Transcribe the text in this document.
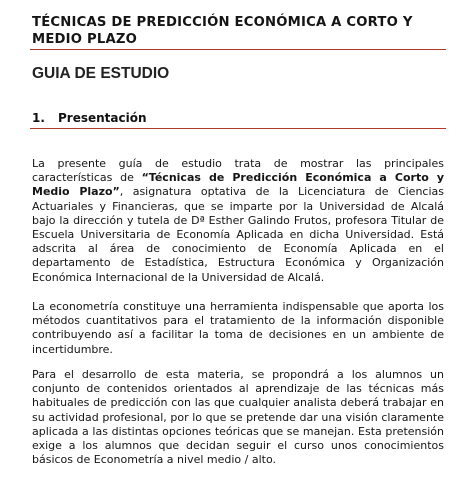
TÉCNICAS DE PREDICCIÓN ECONÓMICA A CORTO Y MEDIO PLAZO
GUIA DE ESTUDIO
1. Presentación

La presente guía de estudio trata de mostrar las principales características de “Técnicas de Predicción Económica a Corto y Medio Plazo”, asignatura optativa de la Licenciatura de Ciencias Actuariales y Financieras, que se imparte por la Universidad de Alcalá bajo la dirección y tutela de Dª Esther Galindo Frutos, profesora Titular de Escuela Universitaria de Economía Aplicada en dicha Universidad. Está adscrita al área de conocimiento de Economía Aplicada en el departamento de Estadística, Estructura Económica y Organización Económica Internacional de la Universidad de Alcalá.

La econometría constituye una herramienta indispensable que aporta los métodos cuantitativos para el tratamiento de la información disponible contribuyendo así a facilitar la toma de decisiones en un ambiente de incertidumbre.

Para el desarrollo de esta materia, se propondrá a los alumnos un conjunto de contenidos orientados al aprendizaje de las técnicas más habituales de predicción con las que cualquier analista deberá trabajar en su actividad profesional, por lo que se pretende dar una visión claramente aplicada a las distintas opciones teóricas que se manejan. Esta pretensión exige a los alumnos que decidan seguir el curso unos conocimientos básicos de Econometría a nivel medio / alto.
